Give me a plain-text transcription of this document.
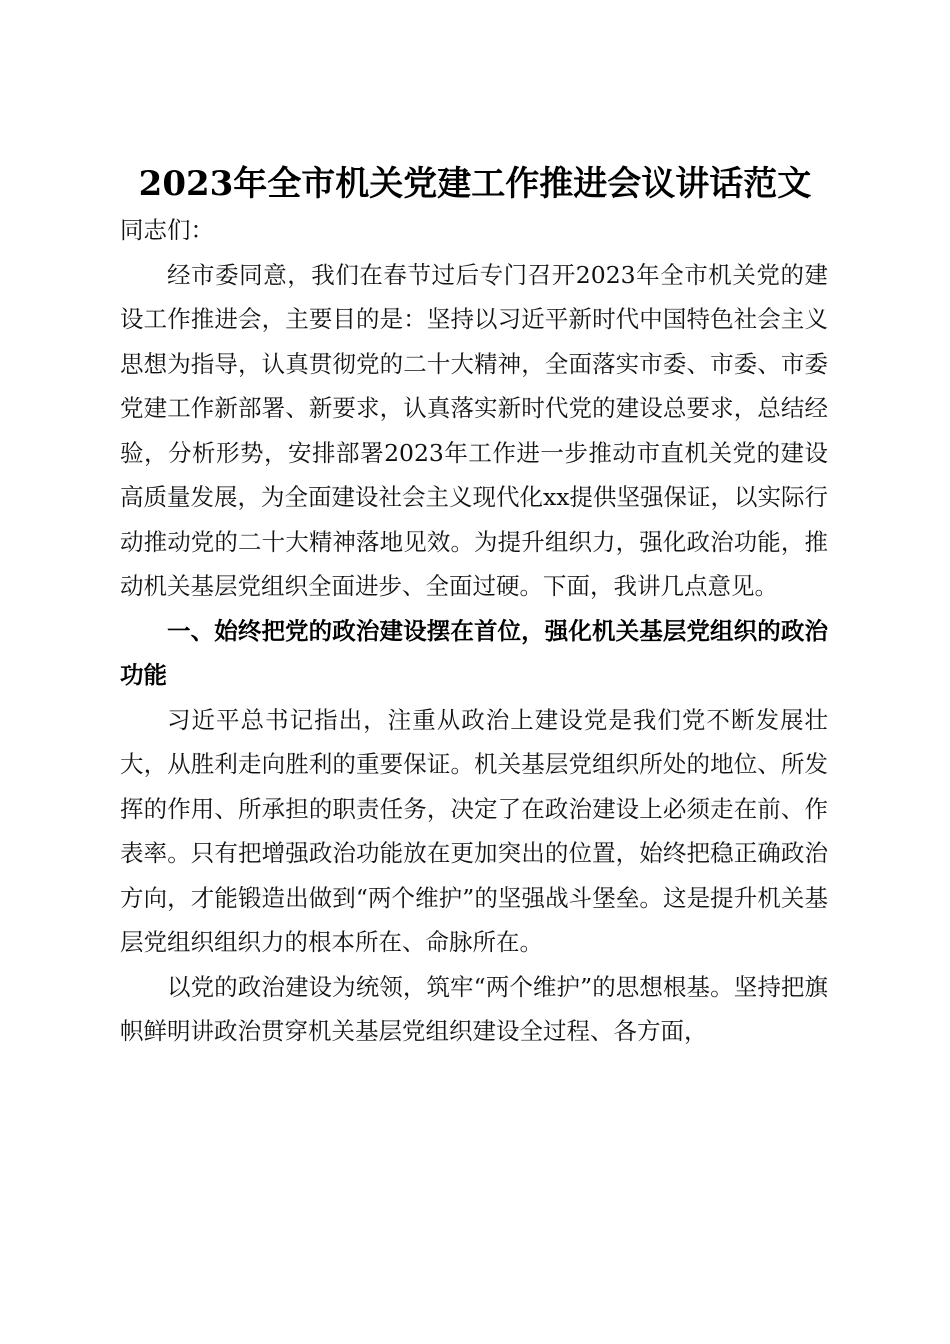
2023年全市机关党建工作推进会议讲话范文

同志们：

经市委同意，我们在春节过后专门召开2023年全市机关党的建设工作推进会，主要目的是：坚持以习近平新时代中国特色社会主义思想为指导，认真贯彻党的二十大精神，全面落实市委、市委、市委党建工作新部署、新要求，认真落实新时代党的建设总要求，总结经验，分析形势，安排部署2023年工作进一步推动市直机关党的建设高质量发展，为全面建设社会主义现代化xx提供坚强保证，以实际行动推动党的二十大精神落地见效。为提升组织力，强化政治功能，推动机关基层党组织全面进步、全面过硬。下面，我讲几点意见。

一、始终把党的政治建设摆在首位，强化机关基层党组织的政治功能

习近平总书记指出，注重从政治上建设党是我们党不断发展壮大，从胜利走向胜利的重要保证。机关基层党组织所处的地位、所发挥的作用、所承担的职责任务，决定了在政治建设上必须走在前、作表率。只有把增强政治功能放在更加突出的位置，始终把稳正确政治方向，才能锻造出做到“两个维护”的坚强战斗堡垒。这是提升机关基层党组织组织力的根本所在、命脉所在。

以党的政治建设为统领，筑牢“两个维护”的思想根基。坚持把旗帜鲜明讲政治贯穿机关基层党组织建设全过程、各方面，
